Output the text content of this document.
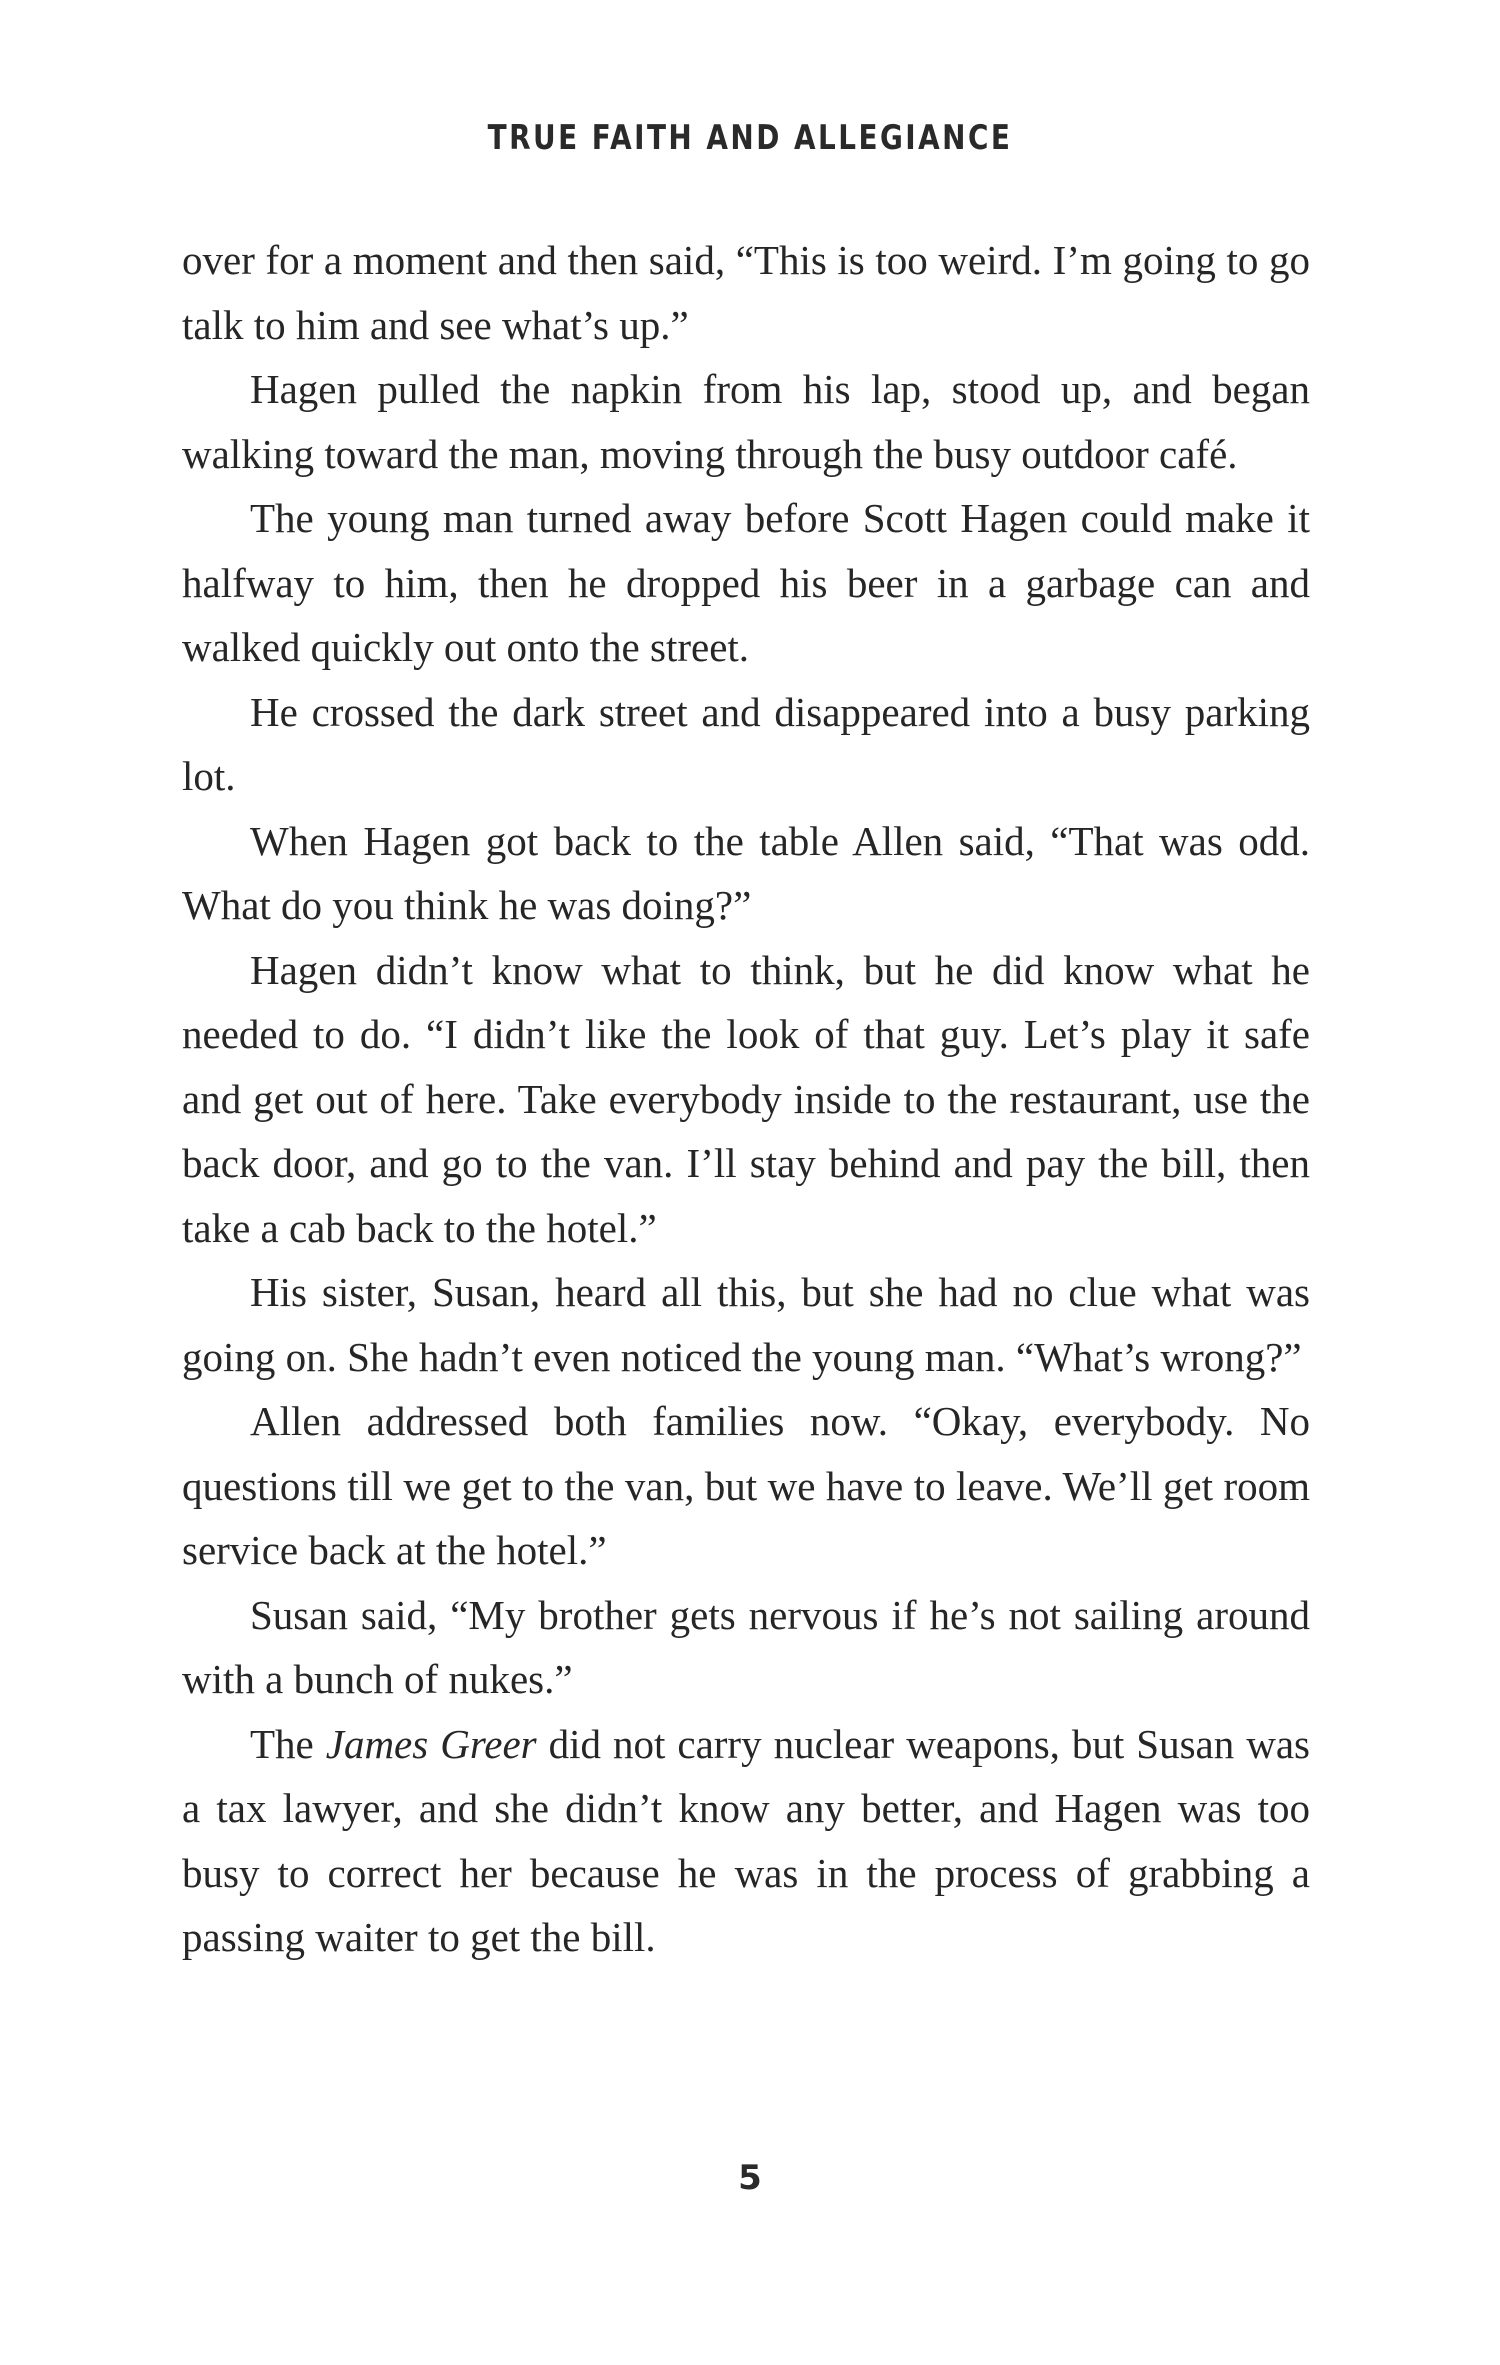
TRUE FAITH AND ALLEGIANCE

over for a moment and then said, “This is too weird. I’m going to go talk to him and see what’s up.”

Hagen pulled the napkin from his lap, stood up, and began walking toward the man, moving through the busy outdoor café.

The young man turned away before Scott Hagen could make it halfway to him, then he dropped his beer in a garbage can and walked quickly out onto the street.

He crossed the dark street and disappeared into a busy parking lot.

When Hagen got back to the table Allen said, “That was odd. What do you think he was doing?”

Hagen didn’t know what to think, but he did know what he needed to do. “I didn’t like the look of that guy. Let’s play it safe and get out of here. Take everybody inside to the restaurant, use the back door, and go to the van. I’ll stay behind and pay the bill, then take a cab back to the hotel.”

His sister, Susan, heard all this, but she had no clue what was going on. She hadn’t even noticed the young man. “What’s wrong?”

Allen addressed both families now. “Okay, everybody. No questions till we get to the van, but we have to leave. We’ll get room service back at the hotel.”

Susan said, “My brother gets nervous if he’s not sailing around with a bunch of nukes.”

The James Greer did not carry nuclear weapons, but Susan was a tax lawyer, and she didn’t know any better, and Hagen was too busy to correct her because he was in the process of grabbing a passing waiter to get the bill.

5
